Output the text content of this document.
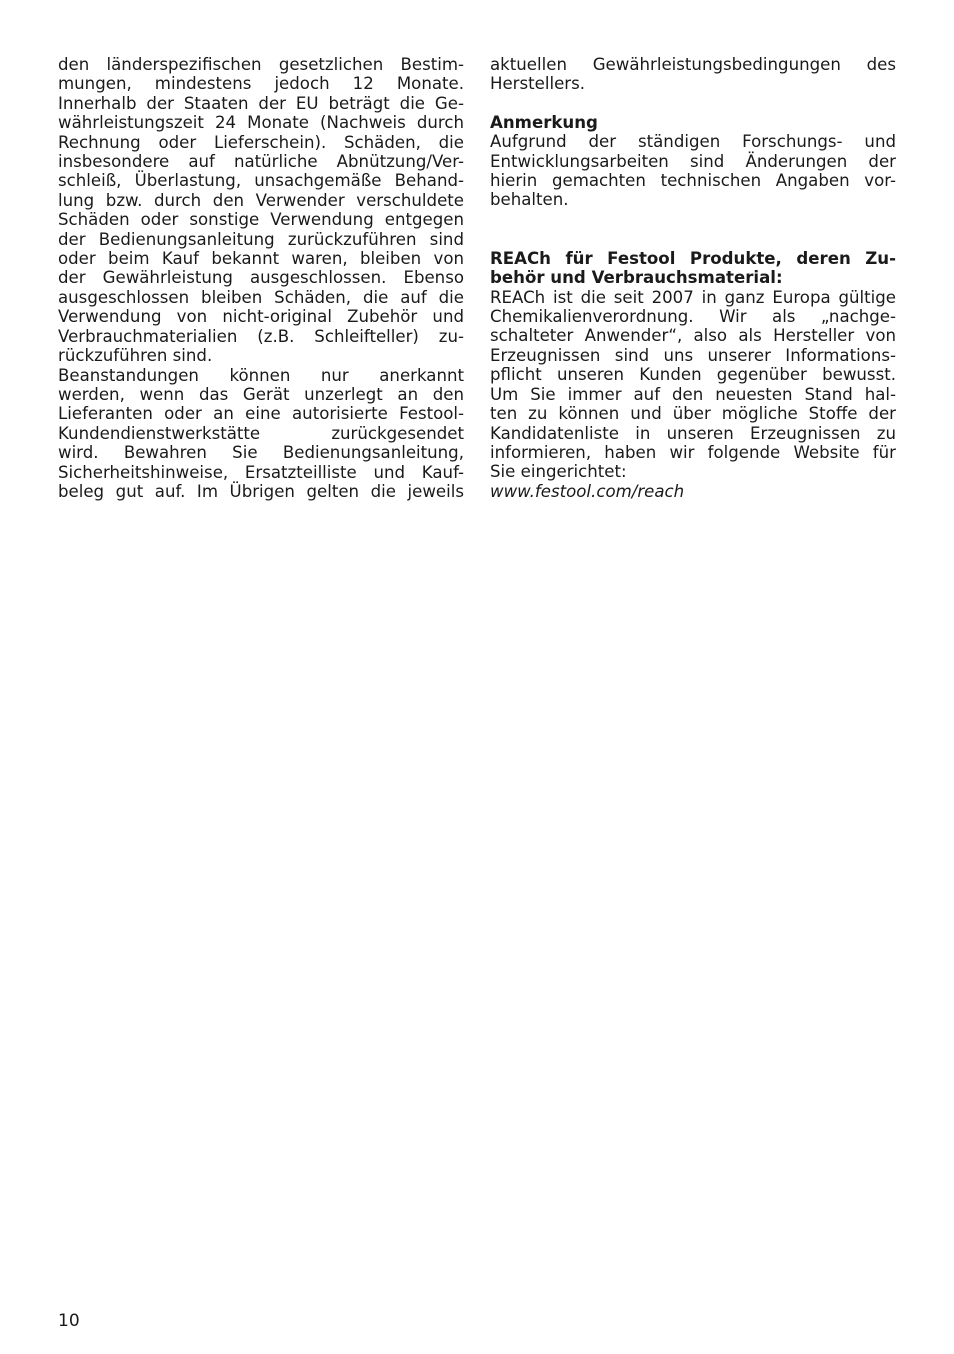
den länderspezifischen gesetzlichen Bestim-
mungen, mindestens jedoch 12 Monate.
Innerhalb der Staaten der EU beträgt die Ge-
währleistungszeit 24 Monate (Nachweis durch
Rechnung oder Lieferschein). Schäden, die
insbesondere auf natürliche Abnützung/Ver-
schleiß, Überlastung, unsachgemäße Behand-
lung bzw. durch den Verwender verschuldete
Schäden oder sonstige Verwendung entgegen
der Bedienungsanleitung zurückzuführen sind
oder beim Kauf bekannt waren, bleiben von
der Gewährleistung ausgeschlossen. Ebenso
ausgeschlossen bleiben Schäden, die auf die
Verwendung von nicht-original Zubehör und
Verbrauchmaterialien (z.B. Schleifteller) zu-
rückzuführen sind.
Beanstandungen können nur anerkannt
werden, wenn das Gerät unzerlegt an den
Lieferanten oder an eine autorisierte Festool-
Kundendienstwerkstätte zurückgesendet
wird. Bewahren Sie Bedienungsanleitung,
Sicherheitshinweise, Ersatzteilliste und Kauf-
beleg gut auf. Im Übrigen gelten die jeweils
aktuellen Gewährleistungsbedingungen des
Herstellers.
Anmerkung
Aufgrund der ständigen Forschungs- und
Entwicklungsarbeiten sind Änderungen der
hierin gemachten technischen Angaben vor-
behalten.
REACh für Festool Produkte, deren Zu-
behör und Verbrauchsmaterial:
REACh ist die seit 2007 in ganz Europa gültige
Chemikalienverordnung. Wir als „nachge-
schalteter Anwender“, also als Hersteller von
Erzeugnissen sind uns unserer Informations-
pflicht unseren Kunden gegenüber bewusst.
Um Sie immer auf den neuesten Stand hal-
ten zu können und über mögliche Stoffe der
Kandidatenliste in unseren Erzeugnissen zu
informieren, haben wir folgende Website für
Sie eingerichtet:
www.festool.com/reach
10
